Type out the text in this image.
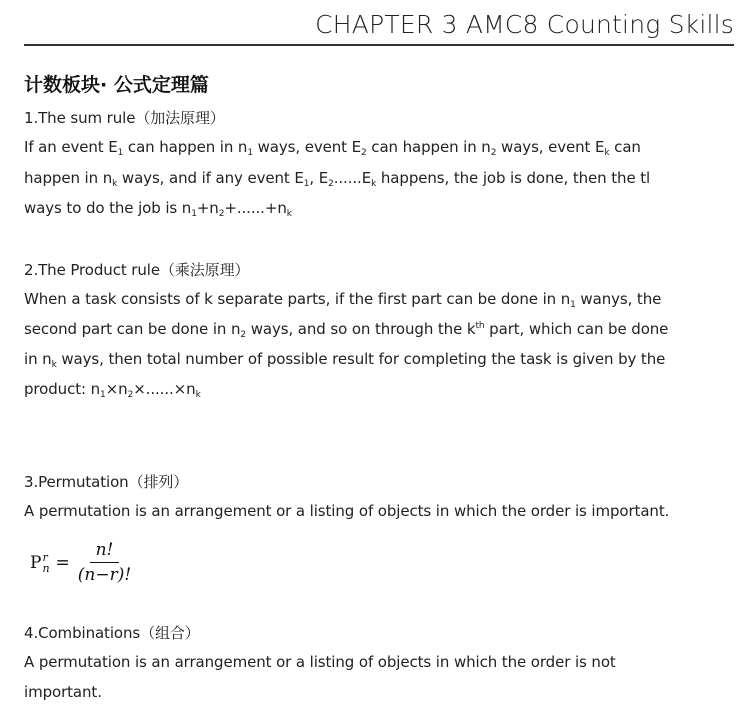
CHAPTER 3 AMC8 Counting Skills
计数板块· 公式定理篇
1.The sum rule（加法原理）
If an event $E_1$ can happen in $n_1$ ways, event $E_2$ can happen in $n_2$ ways, event $E_k$ can
happen in $n_k$ ways, and if any event $E_1$, $E_2......E_k$ happens, the job is done, then the tl
ways to do the job is $n_1+n_2+......+n_k$
2.The Product rule（乘法原理）
When a task consists of k separate parts, if the first part can be done in $n_1$ wanys, the
second part can be done in $n_2$ ways, and so on through the $k^{th}$ part, which can be done
in $n_k$ ways, then total number of possible result for completing the task is given by the
product: $n_1\times n_2\times......\times n_k$
3.Permutation（排列）
A permutation is an arrangement or a listing of objects in which the order is important.
P r
$n = \frac{n!}{(n-r)!}$
4.Combinations（组合）
A permutation is an arrangement or a listing of objects in which the order is not
important.
